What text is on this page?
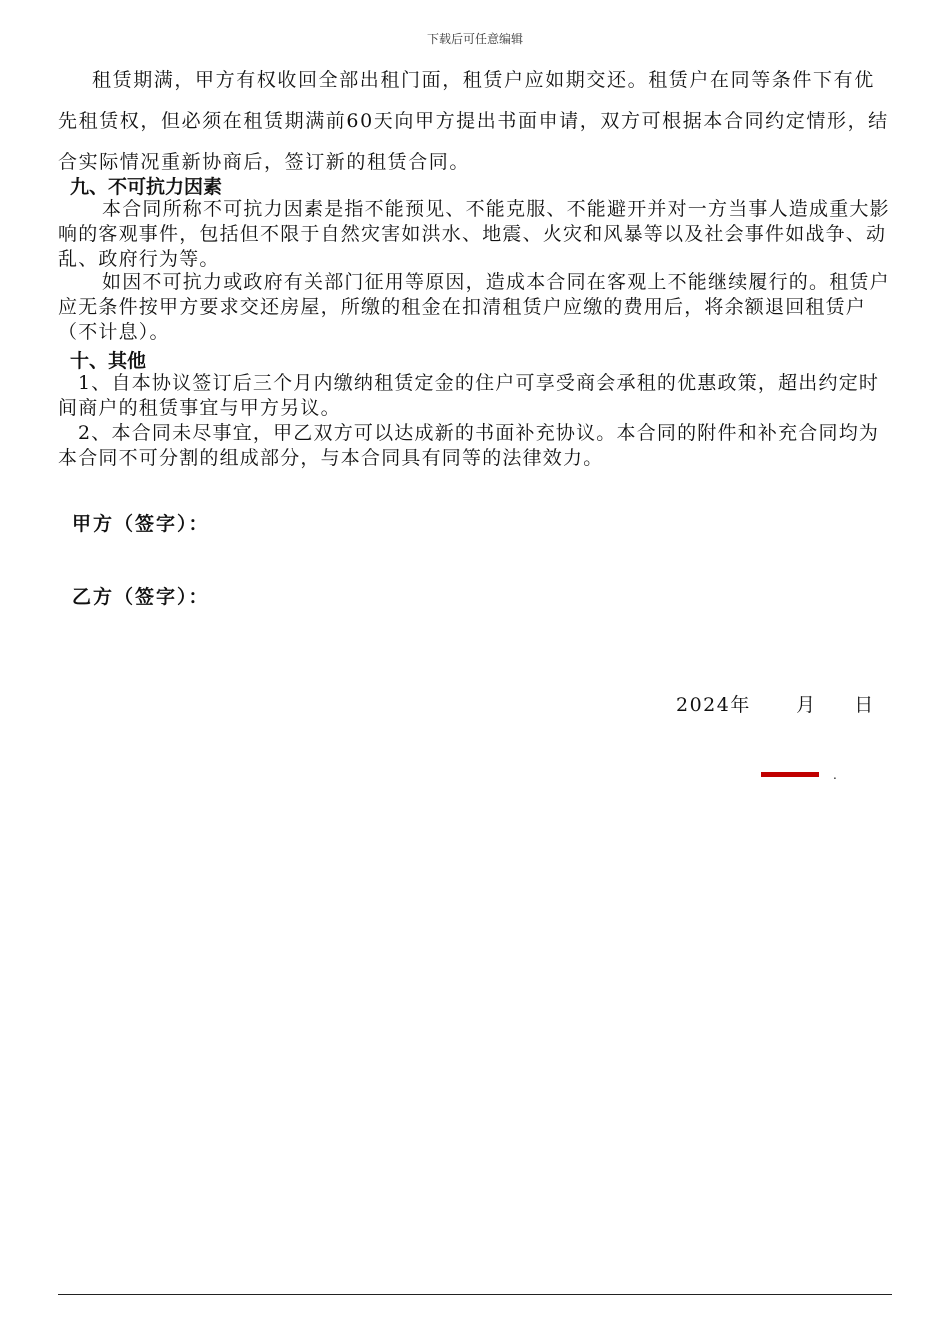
下载后可任意编辑

租赁期满，甲方有权收回全部出租门面，租赁户应如期交还。租赁户在同等条件下有优先租赁权，但必须在租赁期满前60天向甲方提出书面申请，双方可根据本合同约定情形，结合实际情况重新协商后，签订新的租赁合同。

九、不可抗力因素

本合同所称不可抗力因素是指不能预见、不能克服、不能避开并对一方当事人造成重大影响的客观事件，包括但不限于自然灾害如洪水、地震、火灾和风暴等以及社会事件如战争、动乱、政府行为等。

如因不可抗力或政府有关部门征用等原因，造成本合同在客观上不能继续履行的。租赁户应无条件按甲方要求交还房屋，所缴的租金在扣清租赁户应缴的费用后，将余额退回租赁户（不计息）。

十、其他

1、自本协议签订后三个月内缴纳租赁定金的住户可享受商会承租的优惠政策，超出约定时间商户的租赁事宜与甲方另议。

2、本合同未尽事宜，甲乙双方可以达成新的书面补充协议。本合同的附件和补充合同均为本合同不可分割的组成部分，与本合同具有同等的法律效力。

甲方（签字）：
乙方（签字）：
2024年      月     日
.
